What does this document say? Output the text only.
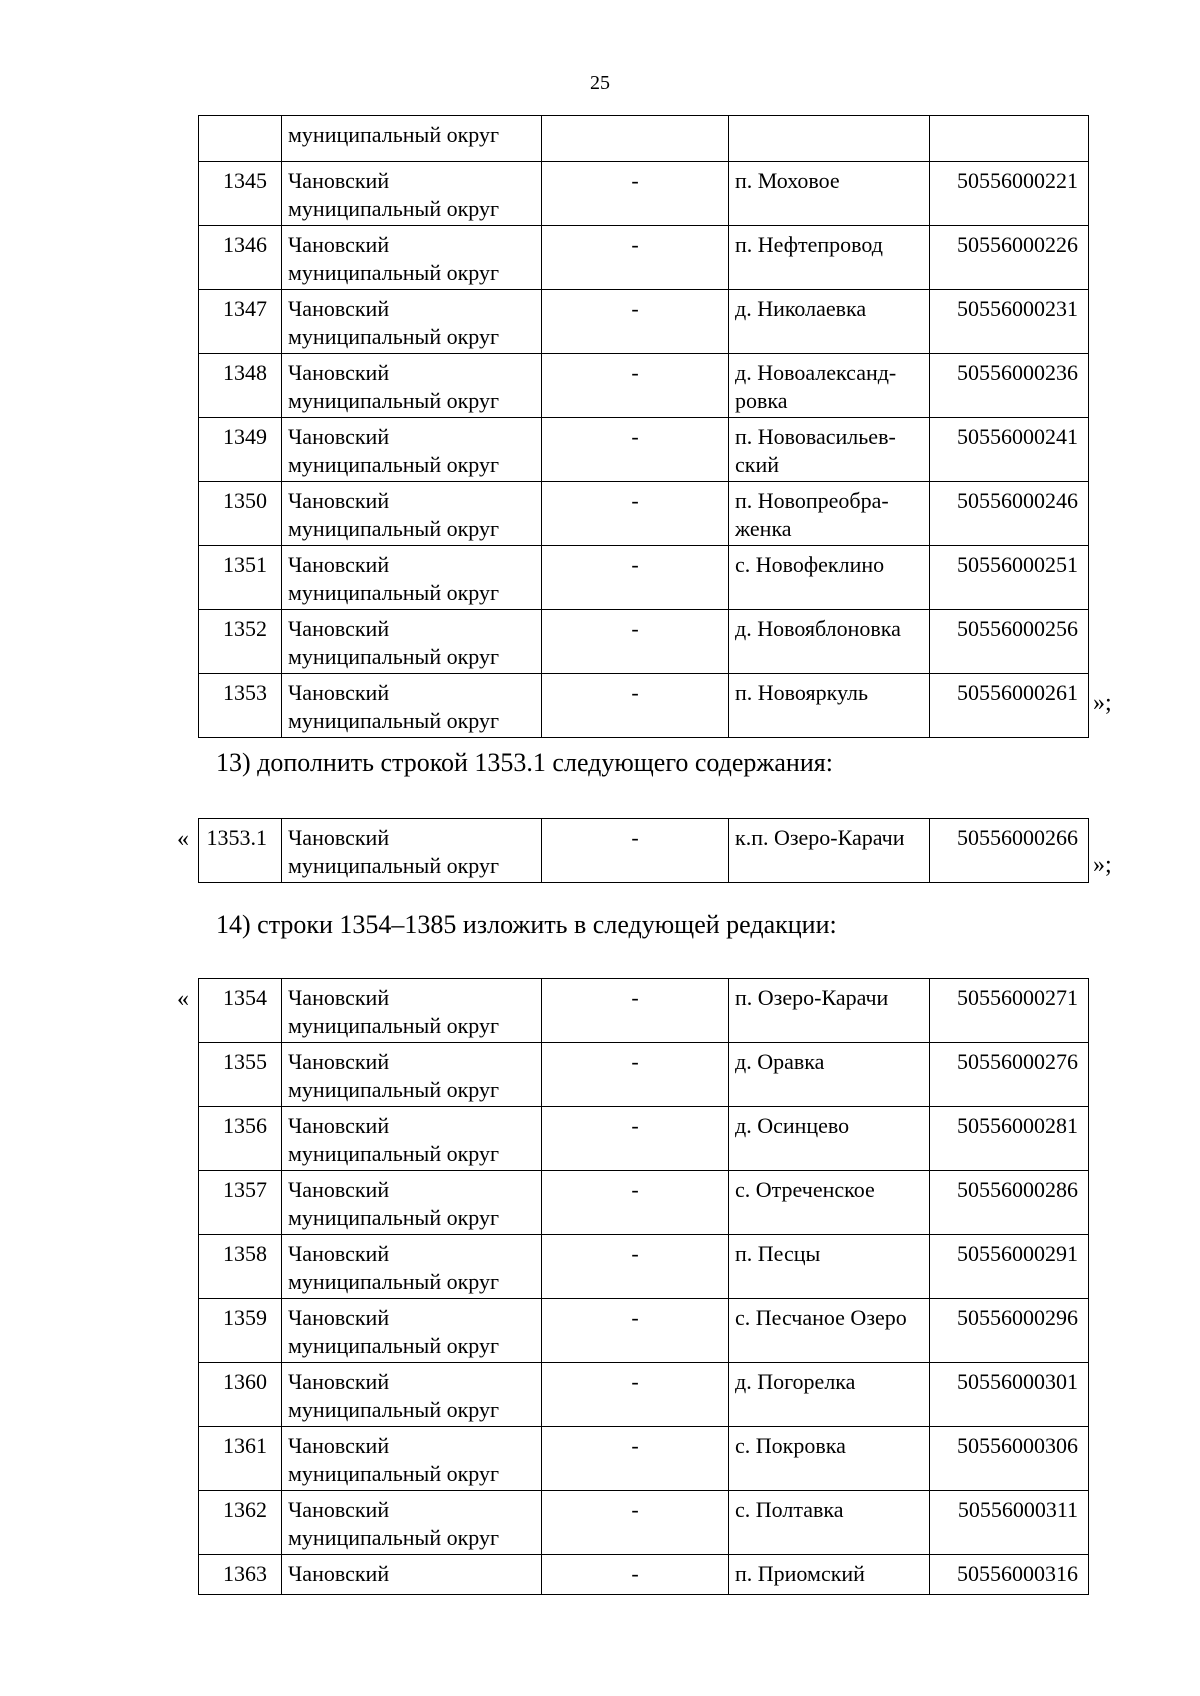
25
	муниципальный округ			
1345	Чановский муниципальный округ	-	п. Моховое	50556000221
1346	Чановский муниципальный округ	-	п. Нефтепровод	50556000226
1347	Чановский муниципальный округ	-	д. Николаевка	50556000231
1348	Чановский муниципальный округ	-	д. Новоалександ-ровка	50556000236
1349	Чановский муниципальный округ	-	п. Нововасильев-ский	50556000241
1350	Чановский муниципальный округ	-	п. Новопреобра-женка	50556000246
1351	Чановский муниципальный округ	-	с. Новофеклино	50556000251
1352	Чановский муниципальный округ	-	д. Новояблоновка	50556000256
1353	Чановский муниципальный округ	-	п. Новояркуль	50556000261 »;
13) дополнить строкой 1353.1 следующего содержания:
« 1353.1	Чановский муниципальный округ	-	к.п. Озеро-Карачи	50556000266
»;
14) строки 1354–1385 изложить в следующей редакции:
« 1354	Чановский муниципальный округ	-	п. Озеро-Карачи	50556000271
1355	Чановский муниципальный округ	-	д. Оравка	50556000276
1356	Чановский муниципальный округ	-	д. Осинцево	50556000281
1357	Чановский муниципальный округ	-	с. Отреченское	50556000286
1358	Чановский муниципальный округ	-	п. Песцы	50556000291
1359	Чановский муниципальный округ	-	с. Песчаное Озеро	50556000296
1360	Чановский муниципальный округ	-	д. Погорелка	50556000301
1361	Чановский муниципальный округ	-	с. Покровка	50556000306
1362	Чановский муниципальный округ	-	с. Полтавка	50556000311
1363	Чановский	-	п. Приомский	50556000316
